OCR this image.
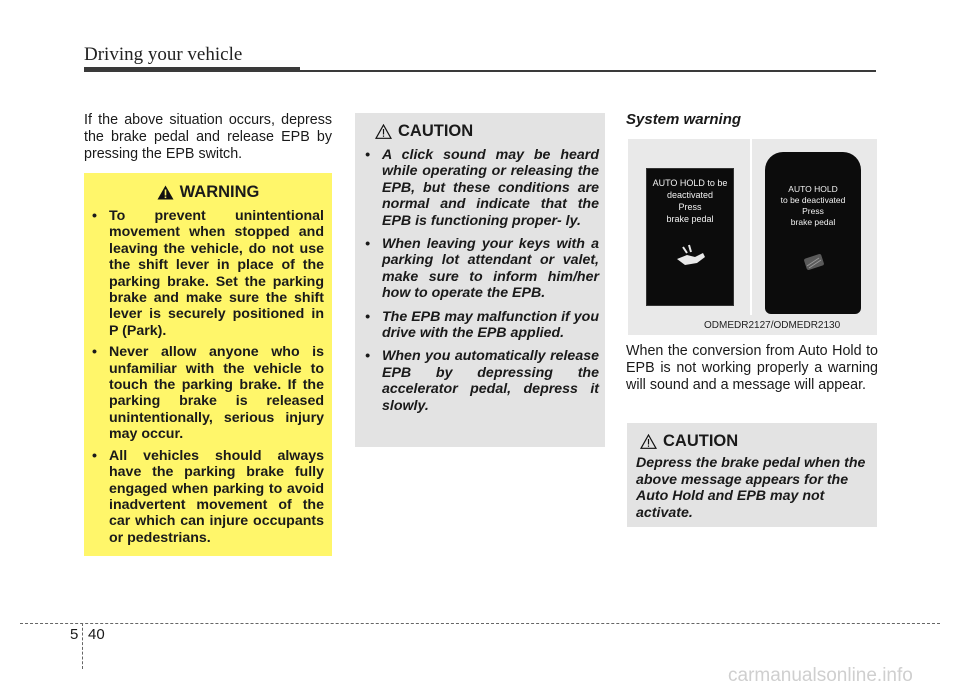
Driving your vehicle
If the above situation occurs, depress the brake pedal and release EPB by pressing the EPB switch.
WARNING
• To prevent unintentional movement when stopped and leaving the vehicle, do not use the shift lever in place of the parking brake. Set the parking brake and make sure the shift lever is securely positioned in P (Park).
• Never allow anyone who is unfamiliar with the vehicle to touch the parking brake. If the parking brake is released unintentionally, serious injury may occur.
• All vehicles should always have the parking brake fully engaged when parking to avoid inadvertent movement of the car which can injure occupants or pedestrians.
CAUTION
• A click sound may be heard while operating or releasing the EPB, but these conditions are normal and indicate that the EPB is functioning proper- ly.
• When leaving your keys with a parking lot attendant or valet, make sure to inform him/her how to operate the EPB.
• The EPB may malfunction if you drive with the EPB applied.
• When you automatically release EPB by depressing the accelerator pedal, depress it slowly.
System warning
AUTO HOLD to be
deactivated
Press
brake pedal

AUTO HOLD
to be deactivated
Press
brake pedal
ODMEDR2127/ODMEDR2130
When the conversion from Auto Hold to EPB is not working properly a warning will sound and a message will appear.
CAUTION
Depress the brake pedal when the above message appears for the Auto Hold and EPB may not activate.
5 40
carmanualsonline.info
